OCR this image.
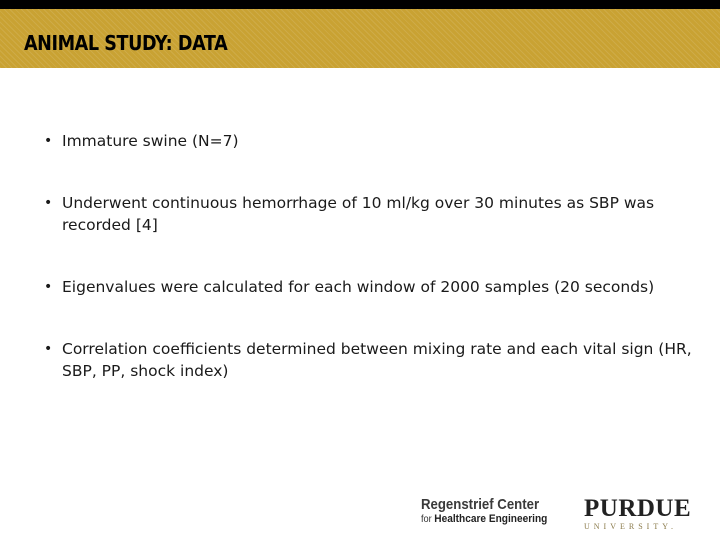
ANIMAL STUDY: DATA
• Immature swine (N=7)
• Underwent continuous hemorrhage of 10 ml/kg over 30 minutes as SBP was recorded [4]
• Eigenvalues were calculated for each window of 2000 samples (20 seconds)
• Correlation coefficients determined between mixing rate and each vital sign (HR, SBP, PP, shock index)
Regenstrief Center
for Healthcare Engineering	PURDUE
UNIVERSITY.
